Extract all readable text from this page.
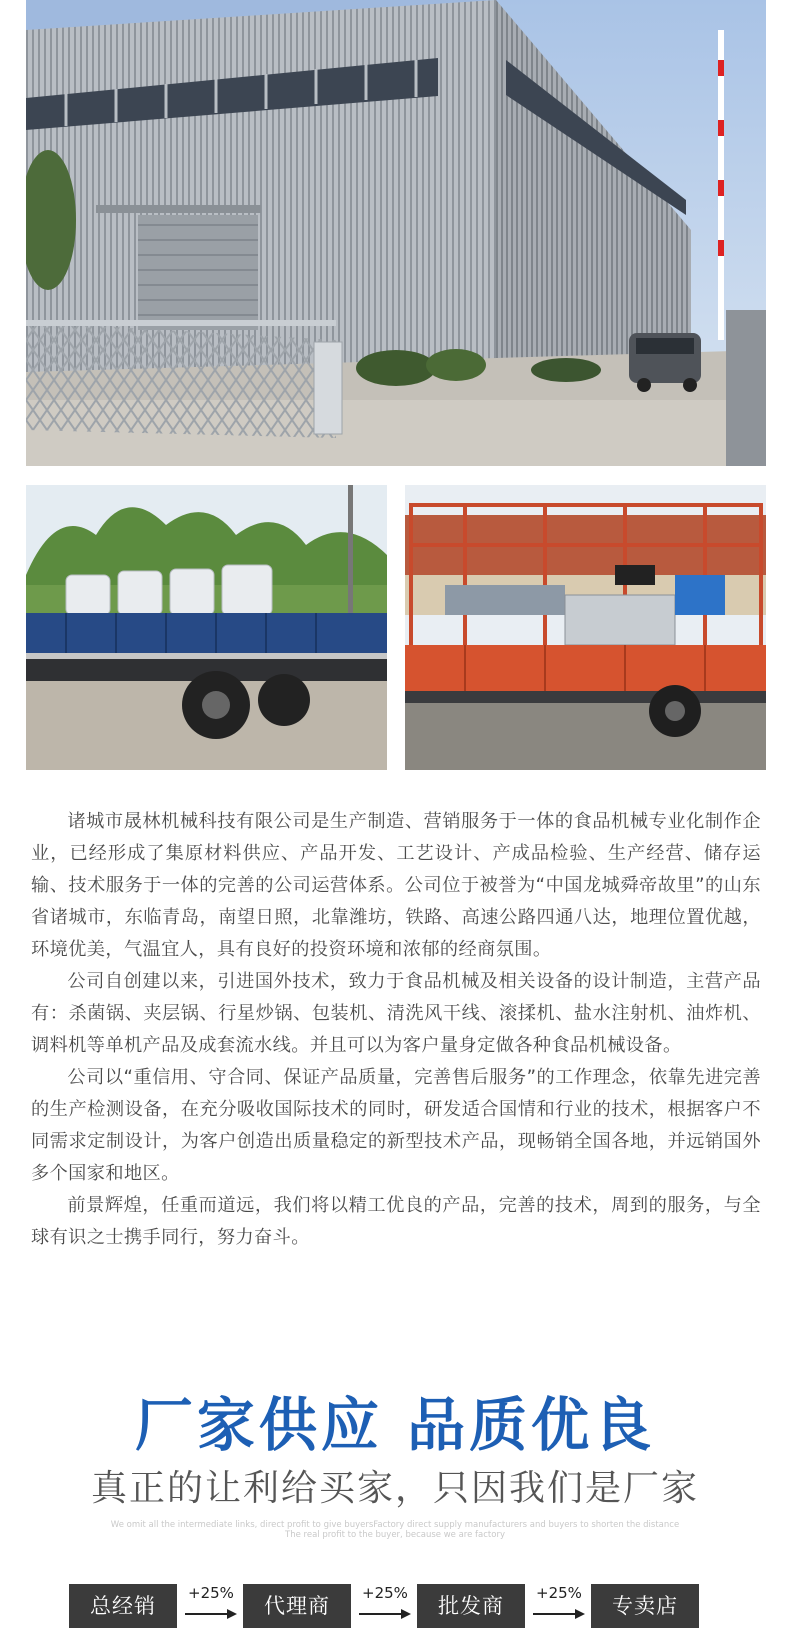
诸城市晟林机械科技有限公司是生产制造、营销服务于一体的食品机械专业化制作企业，已经形成了集原材料供应、产品开发、工艺设计、产成品检验、生产经营、储存运输、技术服务于一体的完善的公司运营体系。公司位于被誉为“中国龙城舜帝故里”的山东省诸城市，东临青岛，南望日照，北靠潍坊，铁路、高速公路四通八达，地理位置优越，环境优美，气温宜人，具有良好的投资环境和浓郁的经商氛围。

公司自创建以来，引进国外技术，致力于食品机械及相关设备的设计制造，主营产品有：杀菌锅、夹层锅、行星炒锅、包装机、清洗风干线、滚揉机、盐水注射机、油炸机、调料机等单机产品及成套流水线。并且可以为客户量身定做各种食品机械设备。

公司以“重信用、守合同、保证产品质量，完善售后服务”的工作理念，依靠先进完善的生产检测设备，在充分吸收国际技术的同时，研发适合国情和行业的技术，根据客户不同需求定制设计，为客户创造出质量稳定的新型技术产品，现畅销全国各地，并远销国外多个国家和地区。

前景辉煌，任重而道远，我们将以精工优良的产品，完善的技术，周到的服务，与全球有识之士携手同行，努力奋斗。

厂家供应 品质优良
真正的让利给买家，只因我们是厂家
We omit all the intermediate links, direct profit to give buyersFactory direct supply manufacturers and buyers to shorten the distance
The real profit to the buyer, because we are factory
总经销
+25%
代理商
+25%
批发商
+25%
专卖店
